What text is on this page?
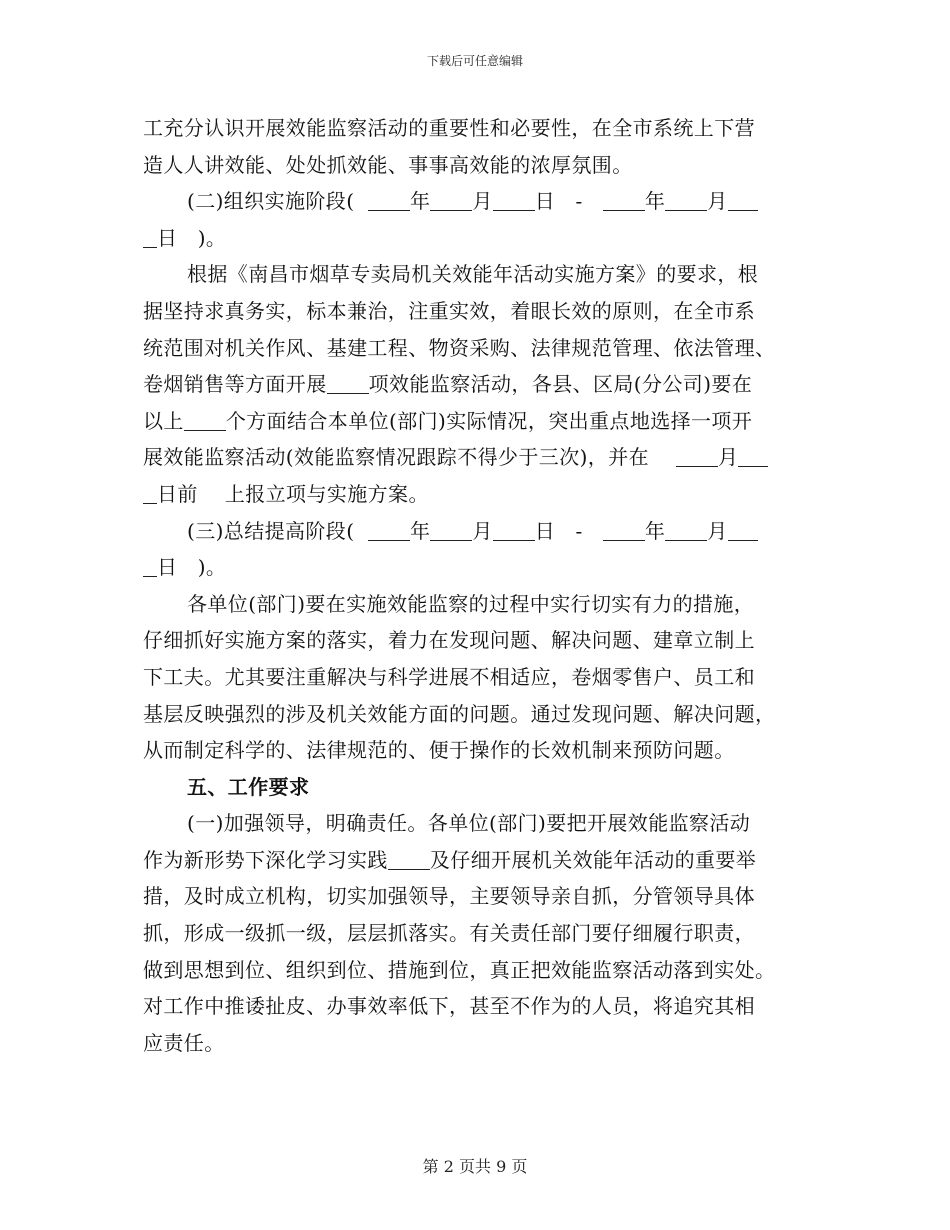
下载后可任意编辑

工充分认识开展效能监察活动的重要性和必要性，在全市系统上下营

造人人讲效能、处处抓效能、事事高效能的浓厚氛围。

(二)组织实施阶段(	年 月 日 -	年 月

日 )。

根据《南昌市烟草专卖局机关效能年活动实施方案》的要求，根

据坚持求真务实，标本兼治，注重实效，着眼长效的原则，在全市系

统范围对机关作风、基建工程、物资采购、法律规范管理、依法管理、

卷烟销售等方面开展 项效能监察活动，各县、区局(分公司)要在

以上 个方面结合本单位(部门)实际情况，突出重点地选择一项开

展效能监察活动(效能监察情况跟踪不得少于三次)，并在	月

日前 上报立项与实施方案。

(三)总结提高阶段(	年 月 日 -	年 月

日 )。

各单位(部门)要在实施效能监察的过程中实行切实有力的措施，

仔细抓好实施方案的落实，着力在发现问题、解决问题、建章立制上

下工夫。尤其要注重解决与科学进展不相适应，卷烟零售户、员工和

基层反映强烈的涉及机关效能方面的问题。通过发现问题、解决问题，

从而制定科学的、法律规范的、便于操作的长效机制来预防问题。

五、工作要求

(一)加强领导，明确责任。各单位(部门)要把开展效能监察活动

作为新形势下深化学习实践 及仔细开展机关效能年活动的重要举

措，及时成立机构，切实加强领导，主要领导亲自抓，分管领导具体

抓，形成一级抓一级，层层抓落实。有关责任部门要仔细履行职责，

做到思想到位、组织到位、措施到位，真正把效能监察活动落到实处。

对工作中推诿扯皮、办事效率低下，甚至不作为的人员，将追究其相

应责任。

第 2 页共 9 页
